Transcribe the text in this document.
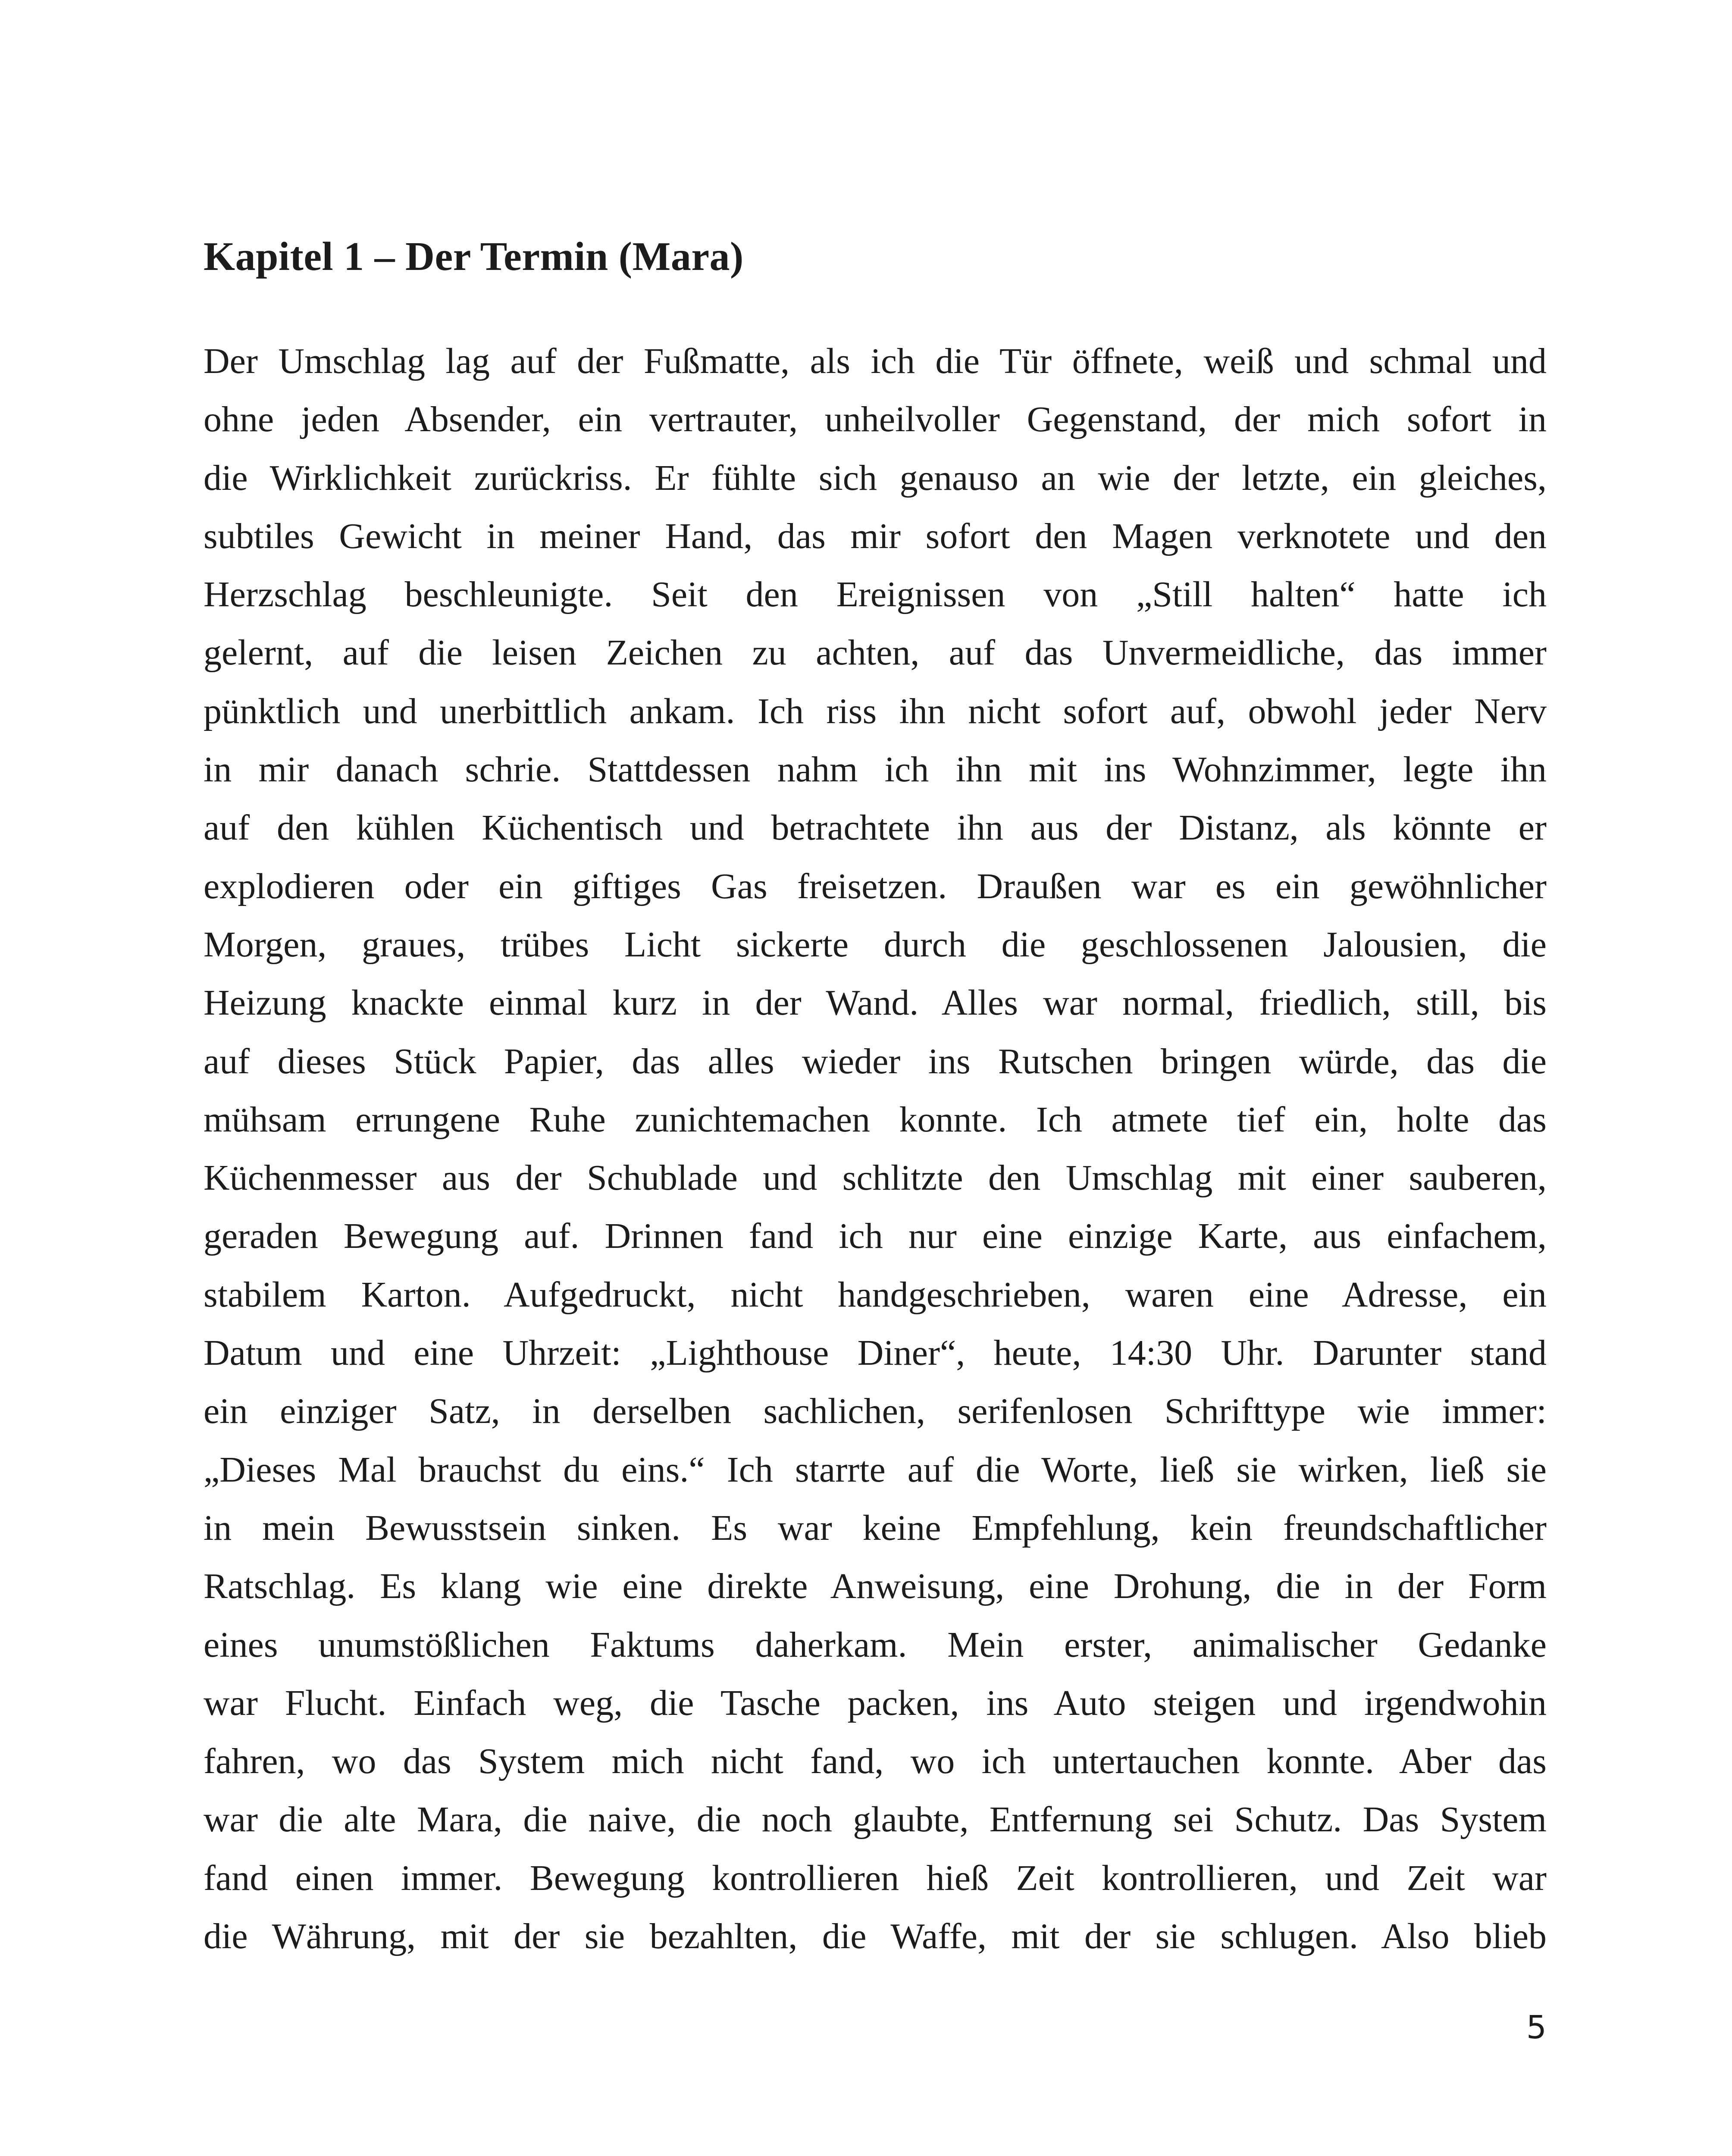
Kapitel 1 – Der Termin (Mara)
Der Umschlag lag auf der Fußmatte, als ich die Tür öffnete, weiß und schmal und
ohne jeden Absender, ein vertrauter, unheilvoller Gegenstand, der mich sofort in
die Wirklichkeit zurückriss. Er fühlte sich genauso an wie der letzte, ein gleiches,
subtiles Gewicht in meiner Hand, das mir sofort den Magen verknotete und den
Herzschlag beschleunigte. Seit den Ereignissen von „Still halten“ hatte ich
gelernt, auf die leisen Zeichen zu achten, auf das Unvermeidliche, das immer
pünktlich und unerbittlich ankam. Ich riss ihn nicht sofort auf, obwohl jeder Nerv
in mir danach schrie. Stattdessen nahm ich ihn mit ins Wohnzimmer, legte ihn
auf den kühlen Küchentisch und betrachtete ihn aus der Distanz, als könnte er
explodieren oder ein giftiges Gas freisetzen. Draußen war es ein gewöhnlicher
Morgen, graues, trübes Licht sickerte durch die geschlossenen Jalousien, die
Heizung knackte einmal kurz in der Wand. Alles war normal, friedlich, still, bis
auf dieses Stück Papier, das alles wieder ins Rutschen bringen würde, das die
mühsam errungene Ruhe zunichtemachen konnte. Ich atmete tief ein, holte das
Küchenmesser aus der Schublade und schlitzte den Umschlag mit einer sauberen,
geraden Bewegung auf. Drinnen fand ich nur eine einzige Karte, aus einfachem,
stabilem Karton. Aufgedruckt, nicht handgeschrieben, waren eine Adresse, ein
Datum und eine Uhrzeit: „Lighthouse Diner“, heute, 14:30 Uhr. Darunter stand
ein einziger Satz, in derselben sachlichen, serifenlosen Schrifttype wie immer:
„Dieses Mal brauchst du eins.“ Ich starrte auf die Worte, ließ sie wirken, ließ sie
in mein Bewusstsein sinken. Es war keine Empfehlung, kein freundschaftlicher
Ratschlag. Es klang wie eine direkte Anweisung, eine Drohung, die in der Form
eines unumstößlichen Faktums daherkam. Mein erster, animalischer Gedanke
war Flucht. Einfach weg, die Tasche packen, ins Auto steigen und irgendwohin
fahren, wo das System mich nicht fand, wo ich untertauchen konnte. Aber das
war die alte Mara, die naive, die noch glaubte, Entfernung sei Schutz. Das System
fand einen immer. Bewegung kontrollieren hieß Zeit kontrollieren, und Zeit war
die Währung, mit der sie bezahlten, die Waffe, mit der sie schlugen. Also blieb
5
